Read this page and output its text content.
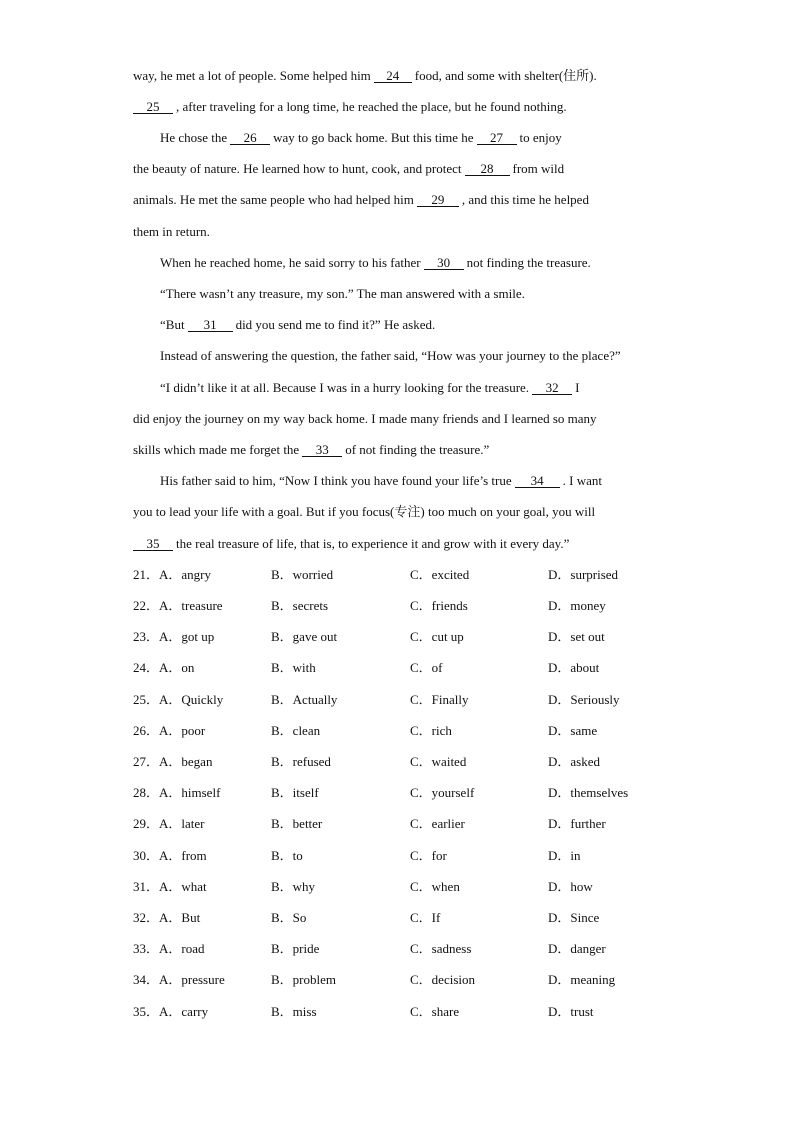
way, he met a lot of people. Some helped him 24 food, and some with shelter(住所).
25 , after traveling for a long time, he reached the place, but he found nothing.
He chose the 26 way to go back home. But this time he 27 to enjoy
the beauty of nature. He learned how to hunt, cook, and protect 28 from wild
animals. He met the same people who had helped him 29 , and this time he helped
them in return.
When he reached home, he said sorry to his father 30 not finding the treasure.
“There wasn’t any treasure, my son.” The man answered with a smile.
“But 31 did you send me to find it?” He asked.
Instead of answering the question, the father said, “How was your journey to the place?”
“I didn’t like it at all. Because I was in a hurry looking for the treasure. 32 I
did enjoy the journey on my way back home. I made many friends and I learned so many
skills which made me forget the 33 of not finding the treasure.”
His father said to him, “Now I think you have found your life’s true 34 . I want
you to lead your life with a goal. But if you focus(专注) too much on your goal, you will
35 the real treasure of life, that is, to experience it and grow with it every day.”
21．A．angry	B．worried	C．excited	D．surprised
22．A．treasure	B．secrets	C．friends	D．money
23．A．got up	B．gave out	C．cut up	D．set out
24．A．on	B．with	C．of	D．about
25．A．Quickly	B．Actually	C．Finally	D．Seriously
26．A．poor	B．clean	C．rich	D．same
27．A．began	B．refused	C．waited	D．asked
28．A．himself	B．itself	C．yourself	D．themselves
29．A．later	B．better	C．earlier	D．further
30．A．from	B．to	C．for	D．in
31．A．what	B．why	C．when	D．how
32．A．But	B．So	C．If	D．Since
33．A．road	B．pride	C．sadness	D．danger
34．A．pressure	B．problem	C．decision	D．meaning
35．A．carry	B．miss	C．share	D．trust
